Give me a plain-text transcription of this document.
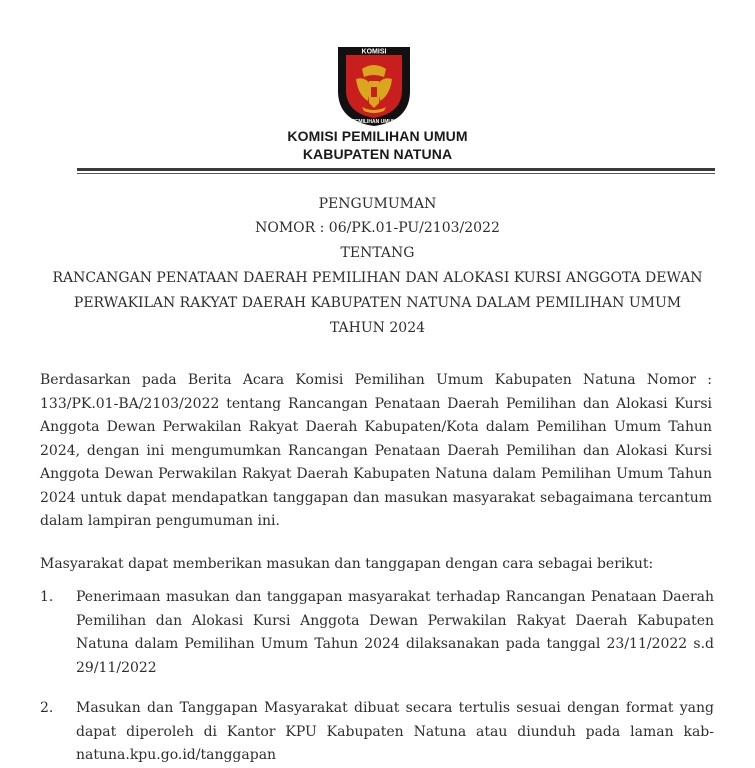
KOMISI
PEMILIHAN UMUM
KOMISI PEMILIHAN UMUM
KABUPATEN NATUNA
PENGUMUMAN
NOMOR : 06/PK.01-PU/2103/2022
TENTANG
RANCANGAN PENATAAN DAERAH PEMILIHAN DAN ALOKASI KURSI ANGGOTA DEWAN
PERWAKILAN RAKYAT DAERAH KABUPATEN NATUNA DALAM PEMILIHAN UMUM
TAHUN 2024

Berdasarkan pada Berita Acara Komisi Pemilihan Umum Kabupaten Natuna Nomor : 133/PK.01-BA/2103/2022 tentang Rancangan Penataan Daerah Pemilihan dan Alokasi Kursi Anggota Dewan Perwakilan Rakyat Daerah Kabupaten/Kota dalam Pemilihan Umum Tahun 2024, dengan ini mengumumkan Rancangan Penataan Daerah Pemilihan dan Alokasi Kursi Anggota Dewan Perwakilan Rakyat Daerah Kabupaten Natuna dalam Pemilihan Umum Tahun 2024 untuk dapat mendapatkan tanggapan dan masukan masyarakat sebagaimana tercantum dalam lampiran pengumuman ini.

Masyarakat dapat memberikan masukan dan tanggapan dengan cara sebagai berikut:

1. Penerimaan masukan dan tanggapan masyarakat terhadap Rancangan Penataan Daerah Pemilihan dan Alokasi Kursi Anggota Dewan Perwakilan Rakyat Daerah Kabupaten Natuna dalam Pemilihan Umum Tahun 2024 dilaksanakan pada tanggal 23/11/2022 s.d 29/11/2022

2. Masukan dan Tanggapan Masyarakat dibuat secara tertulis sesuai dengan format yang dapat diperoleh di Kantor KPU Kabupaten Natuna atau diunduh pada laman kab-natuna.kpu.go.id/tanggapan
